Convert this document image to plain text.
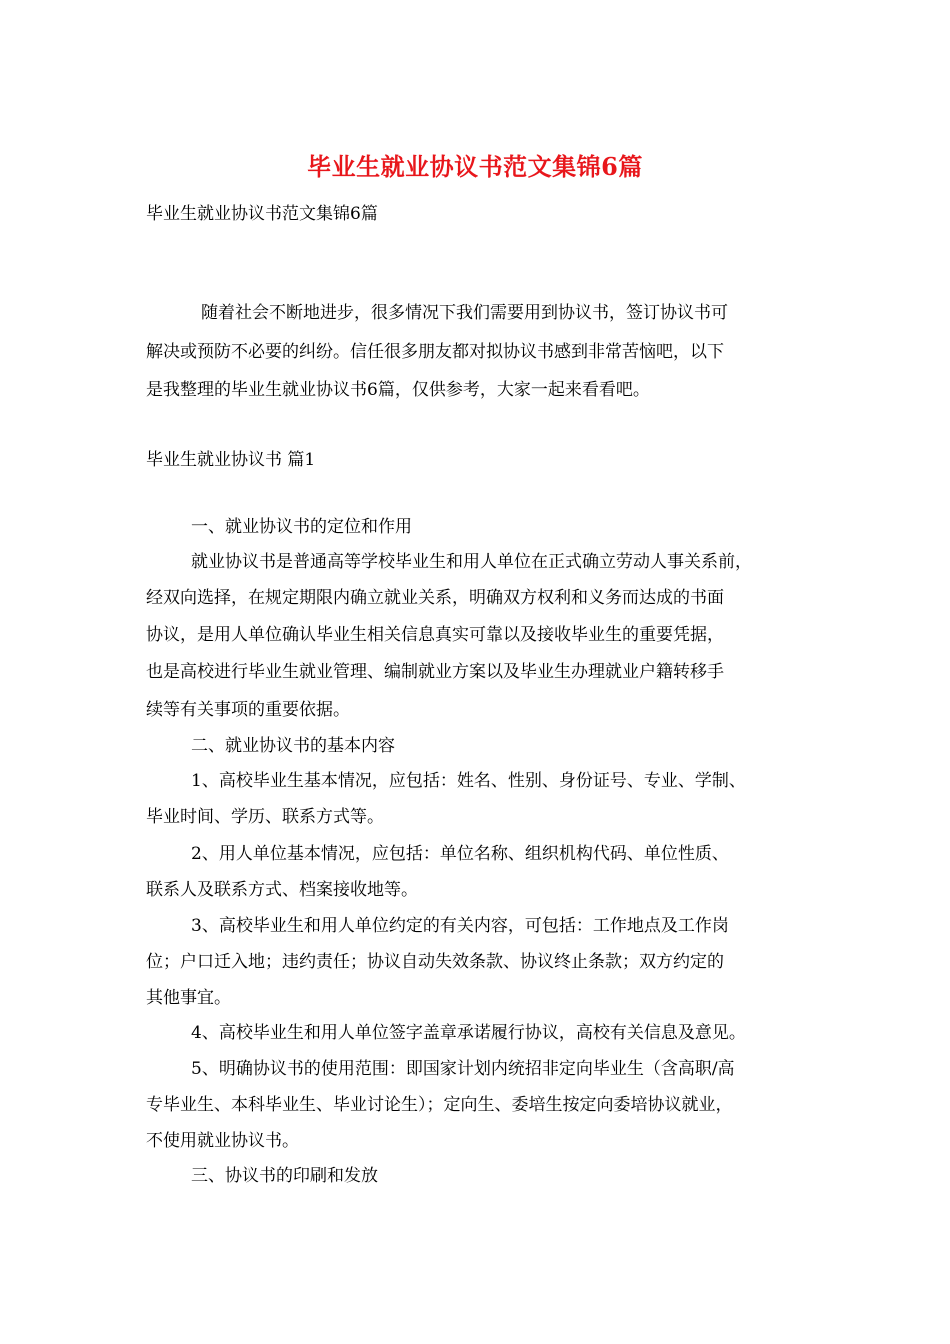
毕业生就业协议书范文集锦6篇
毕业生就业协议书范文集锦6篇
随着社会不断地进步，很多情况下我们需要用到协议书，签订协议书可
解决或预防不必要的纠纷。信任很多朋友都对拟协议书感到非常苦恼吧，以下
是我整理的毕业生就业协议书6篇，仅供参考，大家一起来看看吧。
毕业生就业协议书 篇1
一、就业协议书的定位和作用
就业协议书是普通高等学校毕业生和用人单位在正式确立劳动人事关系前，
经双向选择，在规定期限内确立就业关系，明确双方权利和义务而达成的书面
协议，是用人单位确认毕业生相关信息真实可靠以及接收毕业生的重要凭据，
也是高校进行毕业生就业管理、编制就业方案以及毕业生办理就业户籍转移手
续等有关事项的重要依据。
二、就业协议书的基本内容
1、高校毕业生基本情况，应包括：姓名、性别、身份证号、专业、学制、
毕业时间、学历、联系方式等。
2、用人单位基本情况，应包括：单位名称、组织机构代码、单位性质、
联系人及联系方式、档案接收地等。
3、高校毕业生和用人单位约定的有关内容，可包括：工作地点及工作岗
位；户口迁入地；违约责任；协议自动失效条款、协议终止条款；双方约定的
其他事宜。
4、高校毕业生和用人单位签字盖章承诺履行协议，高校有关信息及意见。
5、明确协议书的使用范围：即国家计划内统招非定向毕业生（含高职/高
专毕业生、本科毕业生、毕业讨论生）；定向生、委培生按定向委培协议就业，
不使用就业协议书。
三、协议书的印刷和发放
